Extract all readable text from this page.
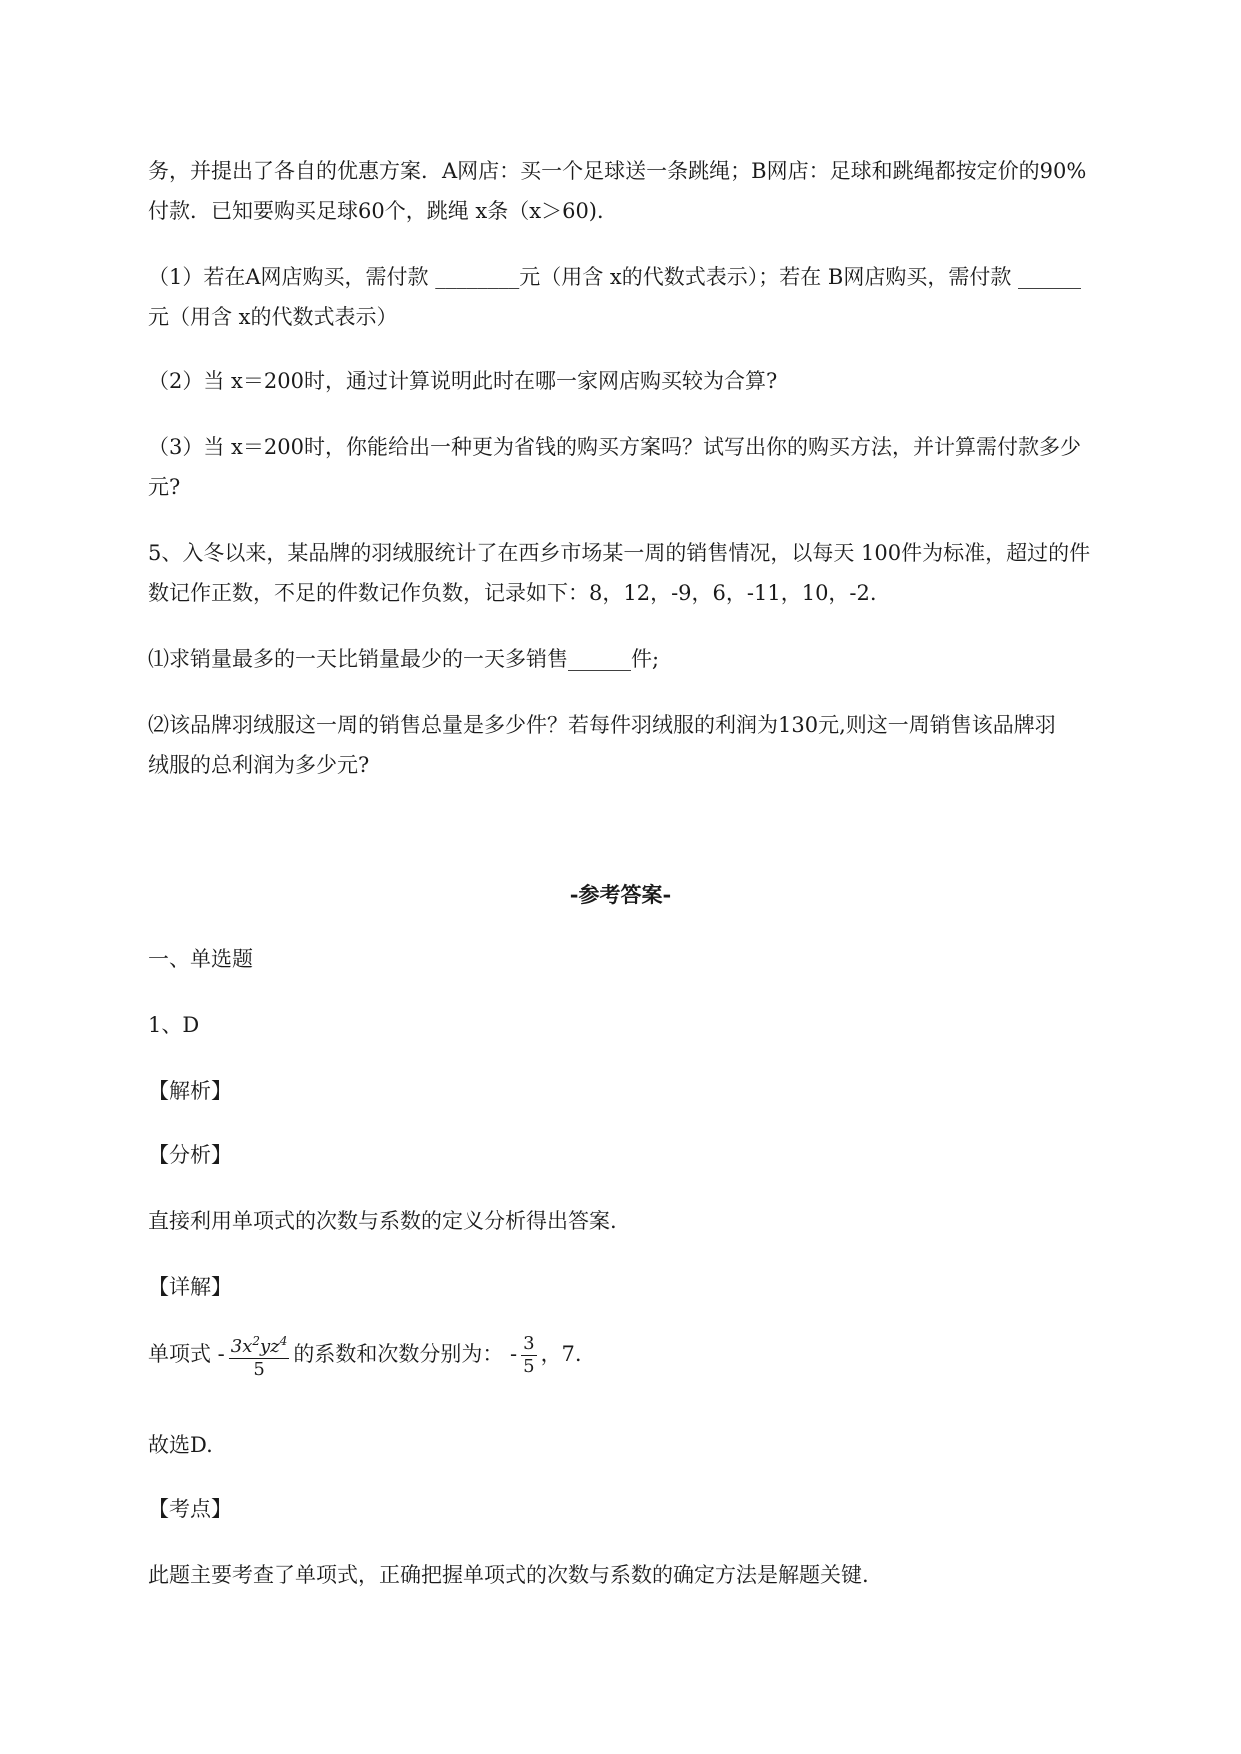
务，并提出了各自的优惠方案．A网店：买一个足球送一条跳绳；B网店：足球和跳绳都按定价的90%
付款．已知要购买足球60个，跳绳 x条（x＞60)．
（1）若在A网店购买，需付款 ________元（用含 x的代数式表示）；若在 B网店购买，需付款 ______
元（用含 x的代数式表示）
（2）当 x＝200时，通过计算说明此时在哪一家网店购买较为合算?
（3）当 x＝200时，你能给出一种更为省钱的购买方案吗？试写出你的购买方法，并计算需付款多少
元?
5、入冬以来，某品牌的羽绒服统计了在西乡市场某一周的销售情况，以每天 100件为标准，超过的件
数记作正数，不足的件数记作负数，记录如下：8，12，-9，6，-11，10，-2.
⑴求销量最多的一天比销量最少的一天多销售______件;
⑵该品牌羽绒服这一周的销售总量是多少件？若每件羽绒服的利润为130元,则这一周销售该品牌羽
绒服的总利润为多少元?
-参考答案-
一、单选题
1、D
【解析】
【分析】
直接利用单项式的次数与系数的定义分析得出答案.
【详解】
单项式 - $\frac{3x^2yz^4}{5}$ 的系数和次数分别为： - $\frac{3}{5}$ ，7.
故选D.
【考点】
此题主要考查了单项式，正确把握单项式的次数与系数的确定方法是解题关键.
